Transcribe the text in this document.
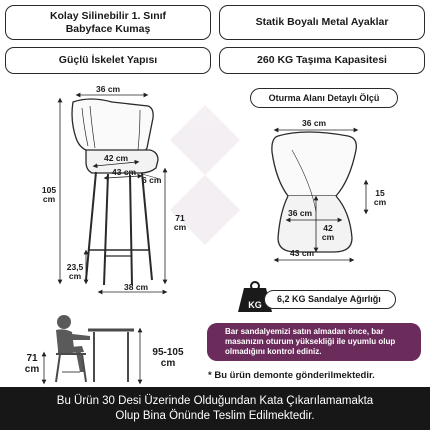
Kolay Silinebilir 1. Sınıf
Babyface Kumaş
Statik Boyalı Metal Ayaklar
Güçlü İskelet Yapısı	260 KG Taşıma Kapasitesi
36 cm
42 cm
43 cm
6 cm
105
cm
71
cm
23,5
cm
38 cm
Oturma Alanı Detaylı Ölçü
36 cm
15
cm
36 cm
42
cm
43 cm
KG
6,2 KG Sandalye Ağırlığı
71
cm
95-105
cm
Bar sandalyemizi satın almadan önce, bar masanızın oturum yüksekliği ile uyumlu olup olmadığını kontrol ediniz.
* Bu ürün demonte gönderilmektedir.
Bu Ürün 30 Desi Üzerinde Olduğundan Kata Çıkarılamamakta
Olup Bina Önünde Teslim Edilmektedir.
